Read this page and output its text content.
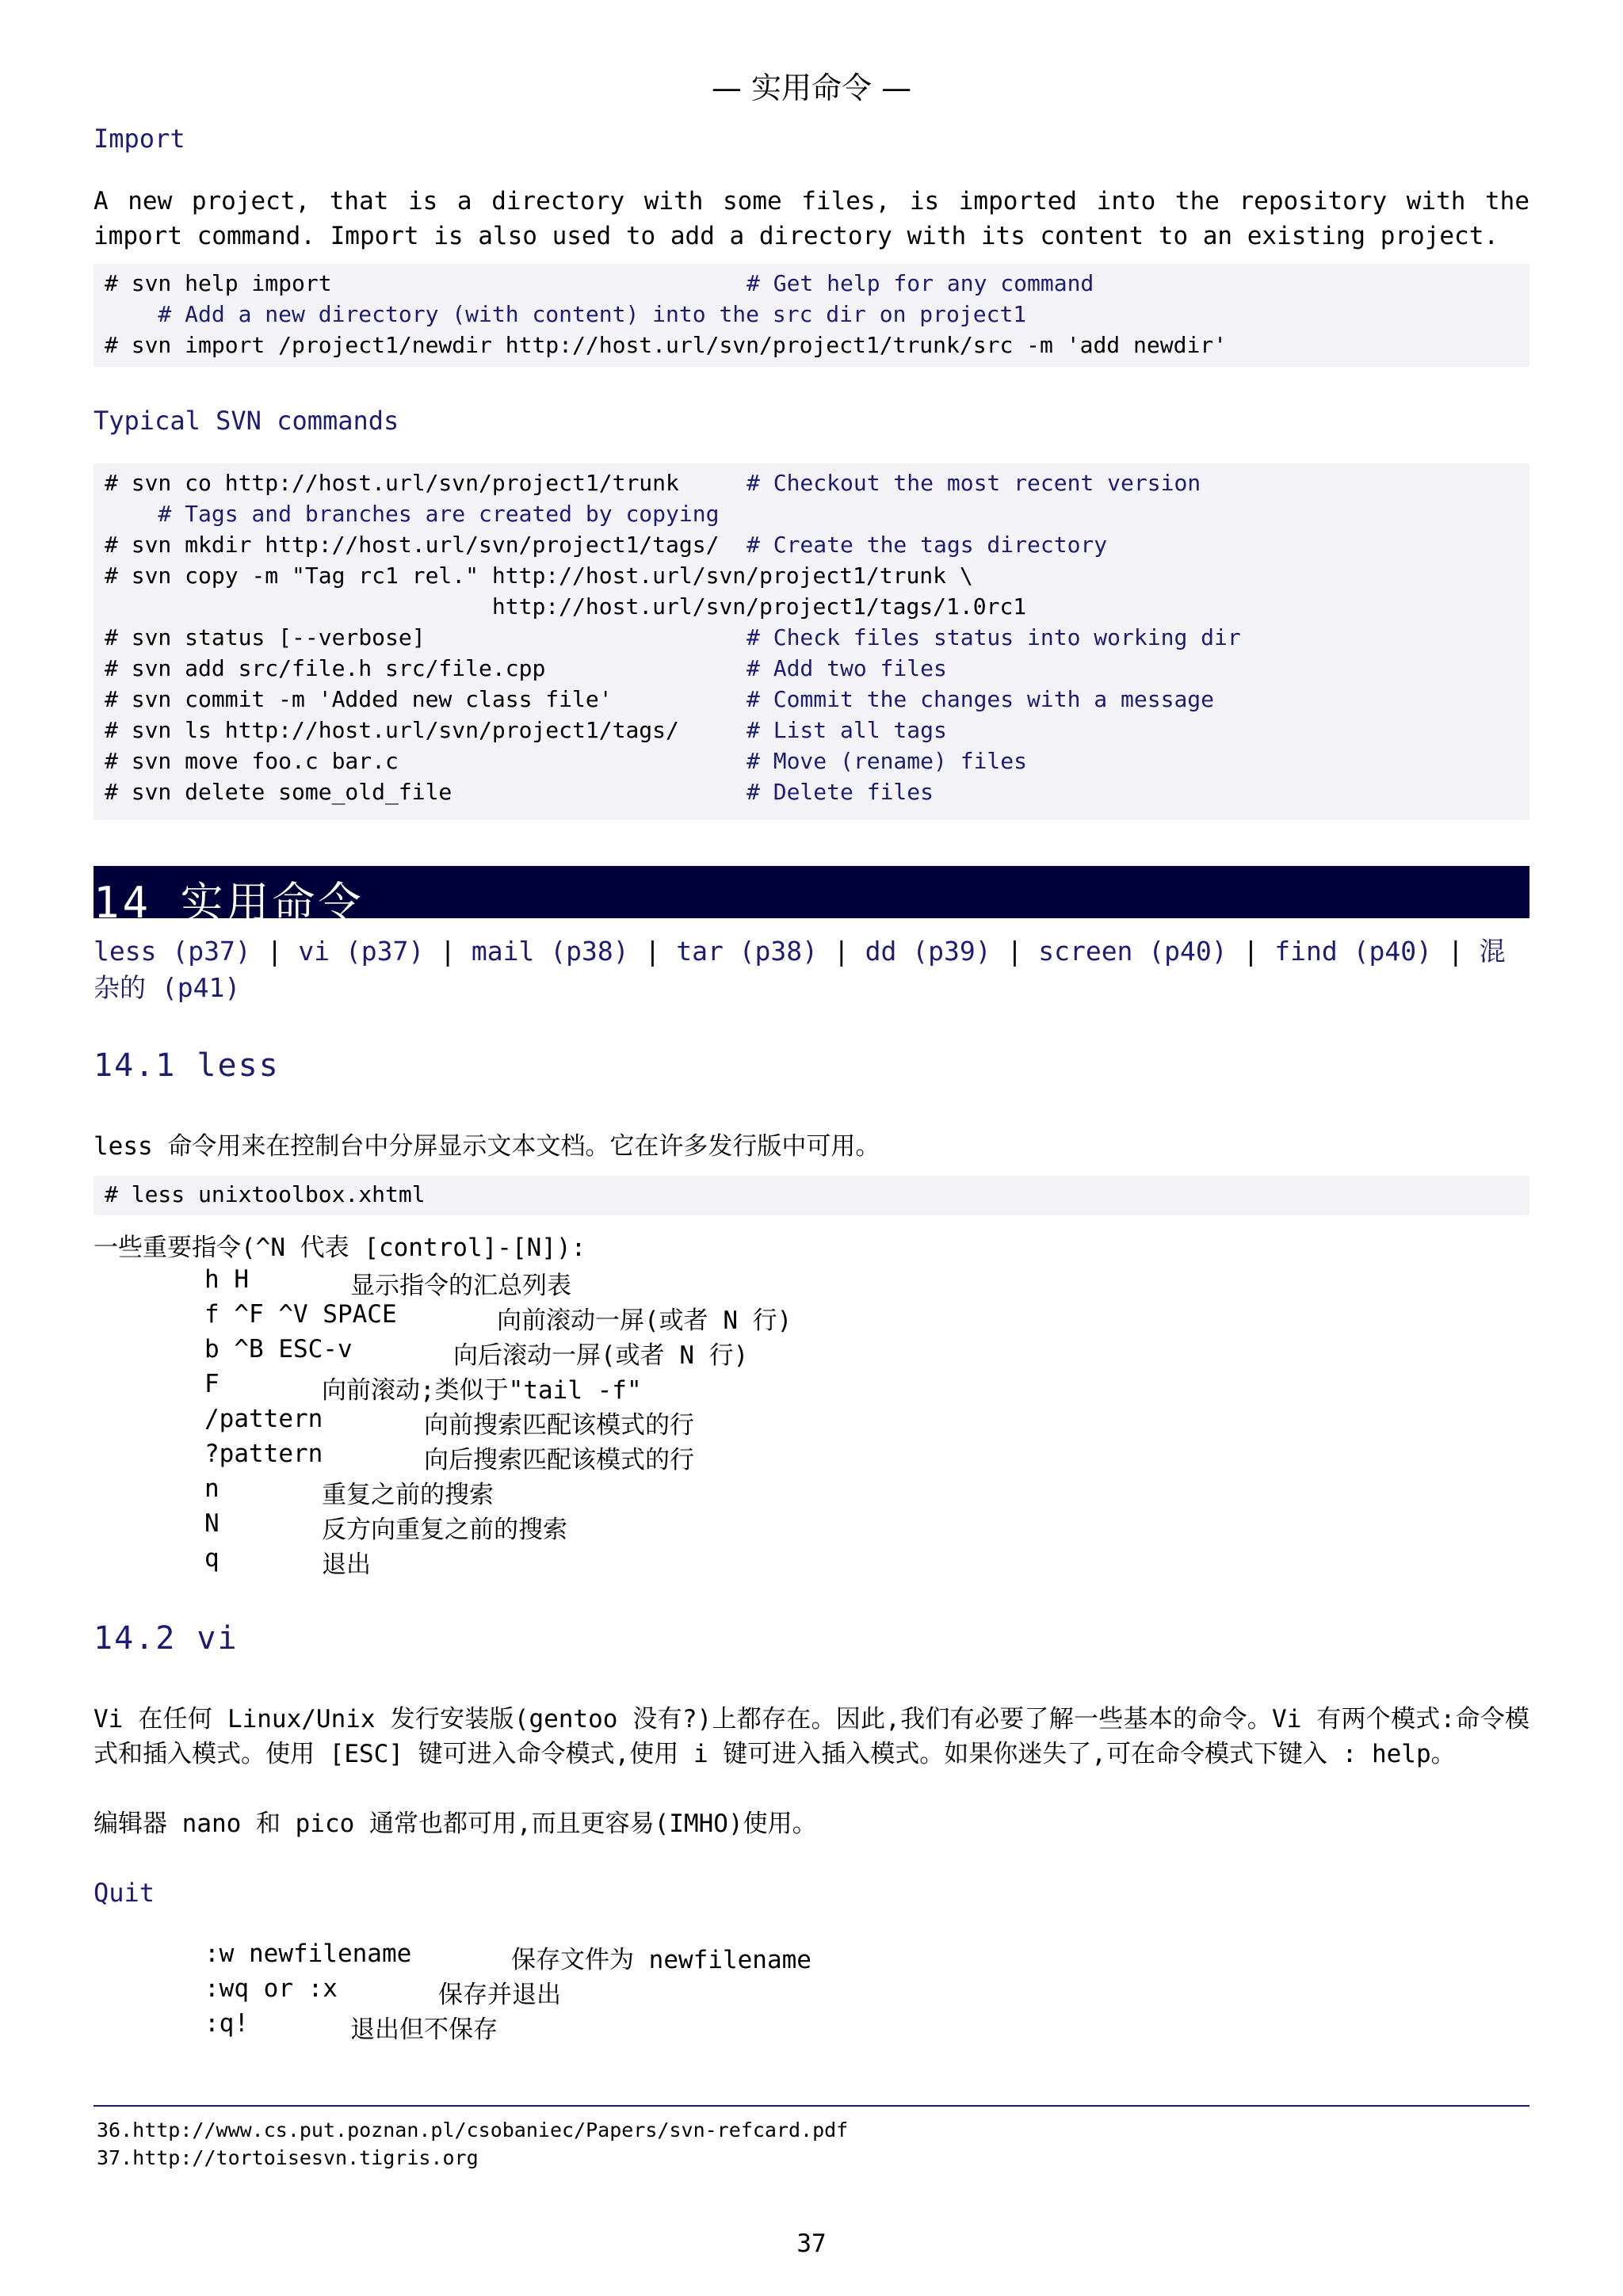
— 实用命令 —
Import
A new project, that is a directory with some files, is imported into the repository with the import command. Import is also used to add a directory with its content to an existing project.
# svn help import	# Get help for any command
# Add a new directory (with content) into the src dir on project1
# svn import /project1/newdir http://host.url/svn/project1/trunk/src -m 'add newdir'
Typical SVN commands
# svn co http://host.url/svn/project1/trunk	# Checkout the most recent version
# Tags and branches are created by copying
# svn mkdir http://host.url/svn/project1/tags/ # Create the tags directory
# svn copy -m "Tag rc1 rel." http://host.url/svn/project1/trunk \
http://host.url/svn/project1/tags/1.0rc1
# svn status [--verbose]	# Check files status into working dir
# svn add src/file.h src/file.cpp	# Add two files
# svn commit -m 'Added new class file'	# Commit the changes with a message
# svn ls http://host.url/svn/project1/tags/	# List all tags
# svn move foo.c bar.c	# Move (rename) files
# svn delete some_old_file	# Delete files
14 实用命令
less (p37) | vi (p37) | mail (p38) | tar (p38) | dd (p39) | screen (p40) | find (p40) | 混杂的 (p41)
14.1 less
less 命令用来在控制台中分屏显示文本文档。它在许多发行版中可用。
# less unixtoolbox.xhtml
一些重要指令(^N 代表 [control]-[N]):
h H	显示指令的汇总列表
f ^F ^V SPACE	向前滚动一屏(或者 N 行)
b ^B ESC-v	向后滚动一屏(或者 N 行)
F	向前滚动;类似于"tail -f"
/pattern	向前搜索匹配该模式的行
?pattern	向后搜索匹配该模式的行
n	重复之前的搜索
N	反方向重复之前的搜索
q	退出
14.2 vi
Vi 在任何 Linux/Unix 发行安装版(gentoo 没有?)上都存在。因此,我们有必要了解一些基本的命令。Vi 有两个模式:命令模式和插入模式。使用 [ESC] 键可进入命令模式,使用 i 键可进入插入模式。如果你迷失了,可在命令模式下键入 : help。
编辑器 nano 和 pico 通常也都可用,而且更容易(IMHO)使用。
Quit
:w newfilename	保存文件为 newfilename
:wq or :x	保存并退出
:q!	退出但不保存
36.http://www.cs.put.poznan.pl/csobaniec/Papers/svn-refcard.pdf
37.http://tortoisesvn.tigris.org
37
